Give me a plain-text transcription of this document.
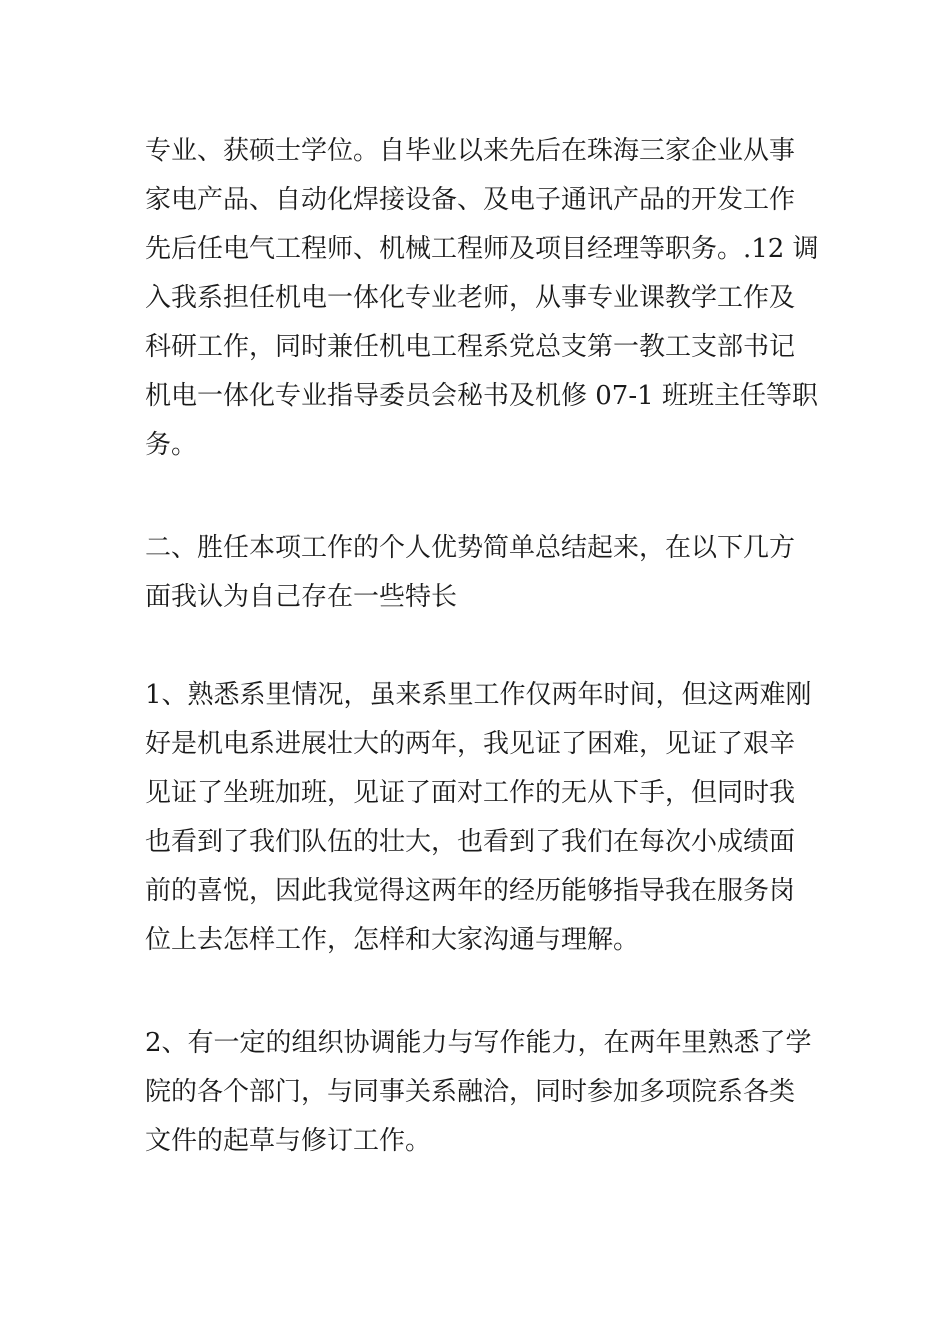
专业、获硕士学位。自毕业以来先后在珠海三家企业从事
家电产品、自动化焊接设备、及电子通讯产品的开发工作
先后任电气工程师、机械工程师及项目经理等职务。.12 调
入我系担任机电一体化专业老师，从事专业课教学工作及
科研工作，同时兼任机电工程系党总支第一教工支部书记
机电一体化专业指导委员会秘书及机修 07-1 班班主任等职
务。

二、胜任本项工作的个人优势简单总结起来，在以下几方
面我认为自己存在一些特长

1、熟悉系里情况，虽来系里工作仅两年时间，但这两难刚
好是机电系进展壮大的两年，我见证了困难，见证了艰辛
见证了坐班加班，见证了面对工作的无从下手，但同时我
也看到了我们队伍的壮大，也看到了我们在每次小成绩面
前的喜悦，因此我觉得这两年的经历能够指导我在服务岗
位上去怎样工作，怎样和大家沟通与理解。

2、有一定的组织协调能力与写作能力，在两年里熟悉了学
院的各个部门，与同事关系融洽，同时参加多项院系各类
文件的起草与修订工作。
